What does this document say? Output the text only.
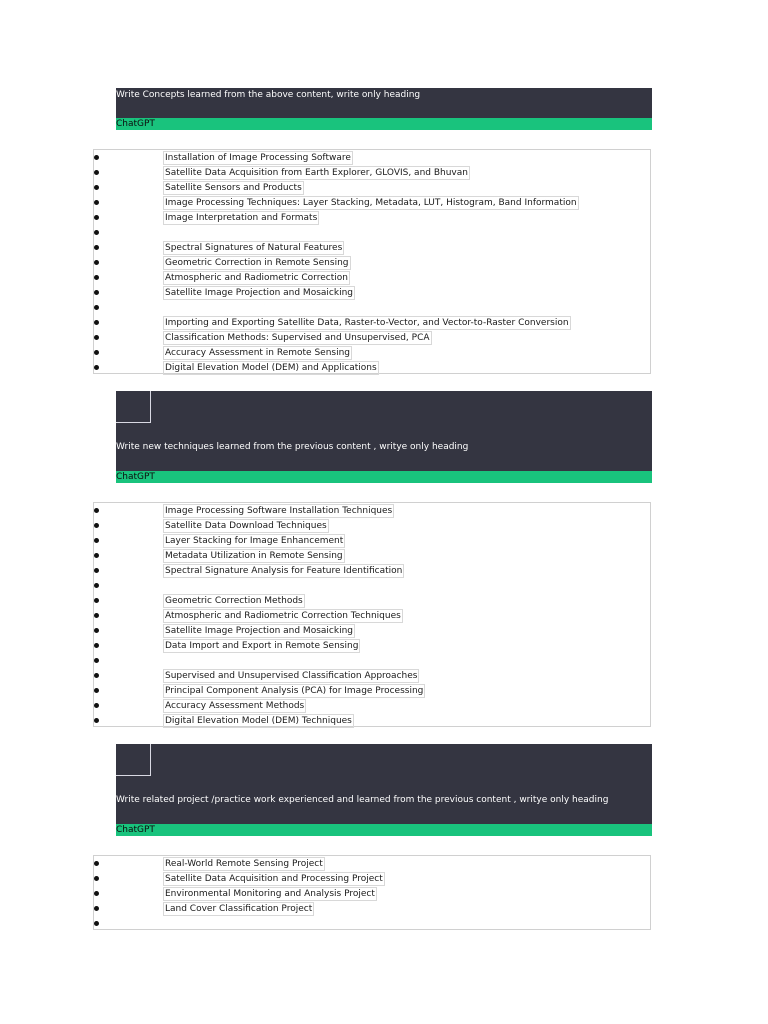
Write Concepts learned from the above content, write only heading
ChatGPT
Installation of Image Processing Software
Satellite Data Acquisition from Earth Explorer, GLOVIS, and Bhuvan
Satellite Sensors and Products
Image Processing Techniques: Layer Stacking, Metadata, LUT, Histogram, Band Information
Image Interpretation and Formats
Spectral Signatures of Natural Features
Geometric Correction in Remote Sensing
Atmospheric and Radiometric Correction
Satellite Image Projection and Mosaicking
Importing and Exporting Satellite Data, Raster-to-Vector, and Vector-to-Raster Conversion
Classification Methods: Supervised and Unsupervised, PCA
Accuracy Assessment in Remote Sensing
Digital Elevation Model (DEM) and Applications
Write new techniques learned from the previous content , writye only heading
ChatGPT
Image Processing Software Installation Techniques
Satellite Data Download Techniques
Layer Stacking for Image Enhancement
Metadata Utilization in Remote Sensing
Spectral Signature Analysis for Feature Identification
Geometric Correction Methods
Atmospheric and Radiometric Correction Techniques
Satellite Image Projection and Mosaicking
Data Import and Export in Remote Sensing
Supervised and Unsupervised Classification Approaches
Principal Component Analysis (PCA) for Image Processing
Accuracy Assessment Methods
Digital Elevation Model (DEM) Techniques
Write related project /practice work experienced and learned from the previous content , writye only heading
ChatGPT
Real-World Remote Sensing Project
Satellite Data Acquisition and Processing Project
Environmental Monitoring and Analysis Project
Land Cover Classification Project
